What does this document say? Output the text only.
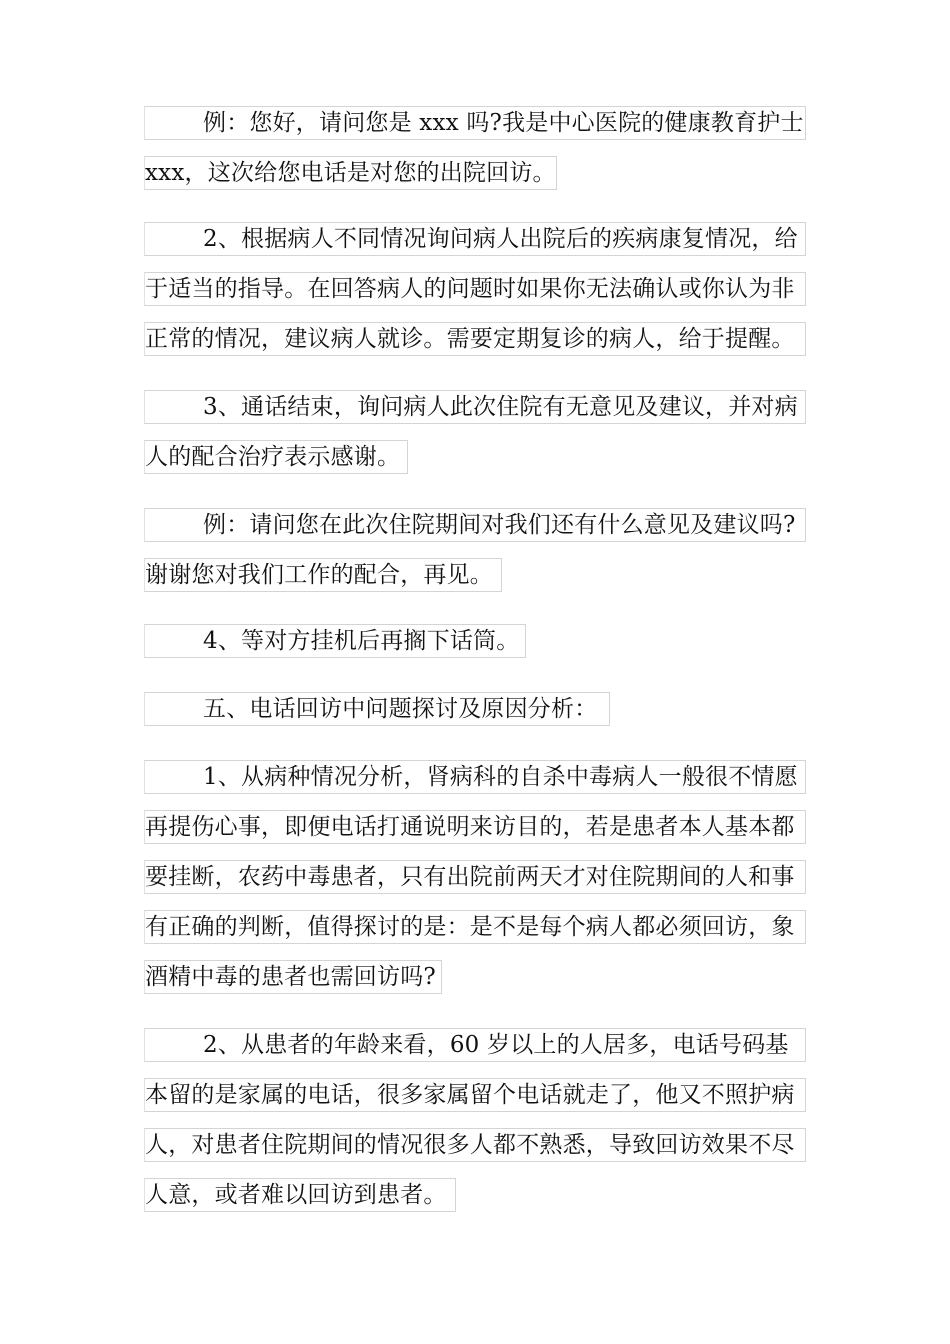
例：您好，请问您是 xxx 吗?我是中心医院的健康教育护士
xxx，这次给您电话是对您的出院回访。
2、根据病人不同情况询问病人出院后的疾病康复情况，给
于适当的指导。在回答病人的问题时如果你无法确认或你认为非
正常的情况，建议病人就诊。需要定期复诊的病人，给于提醒。
3、通话结束，询问病人此次住院有无意见及建议，并对病
人的配合治疗表示感谢。
例：请问您在此次住院期间对我们还有什么意见及建议吗?
谢谢您对我们工作的配合，再见。
4、等对方挂机后再搁下话筒。
五、电话回访中问题探讨及原因分析：
1、从病种情况分析，肾病科的自杀中毒病人一般很不情愿
再提伤心事，即便电话打通说明来访目的，若是患者本人基本都
要挂断，农药中毒患者，只有出院前两天才对住院期间的人和事
有正确的判断，值得探讨的是：是不是每个病人都必须回访，象
酒精中毒的患者也需回访吗?
2、从患者的年龄来看，60 岁以上的人居多，电话号码基
本留的是家属的电话，很多家属留个电话就走了，他又不照护病
人，对患者住院期间的情况很多人都不熟悉，导致回访效果不尽
人意，或者难以回访到患者。
